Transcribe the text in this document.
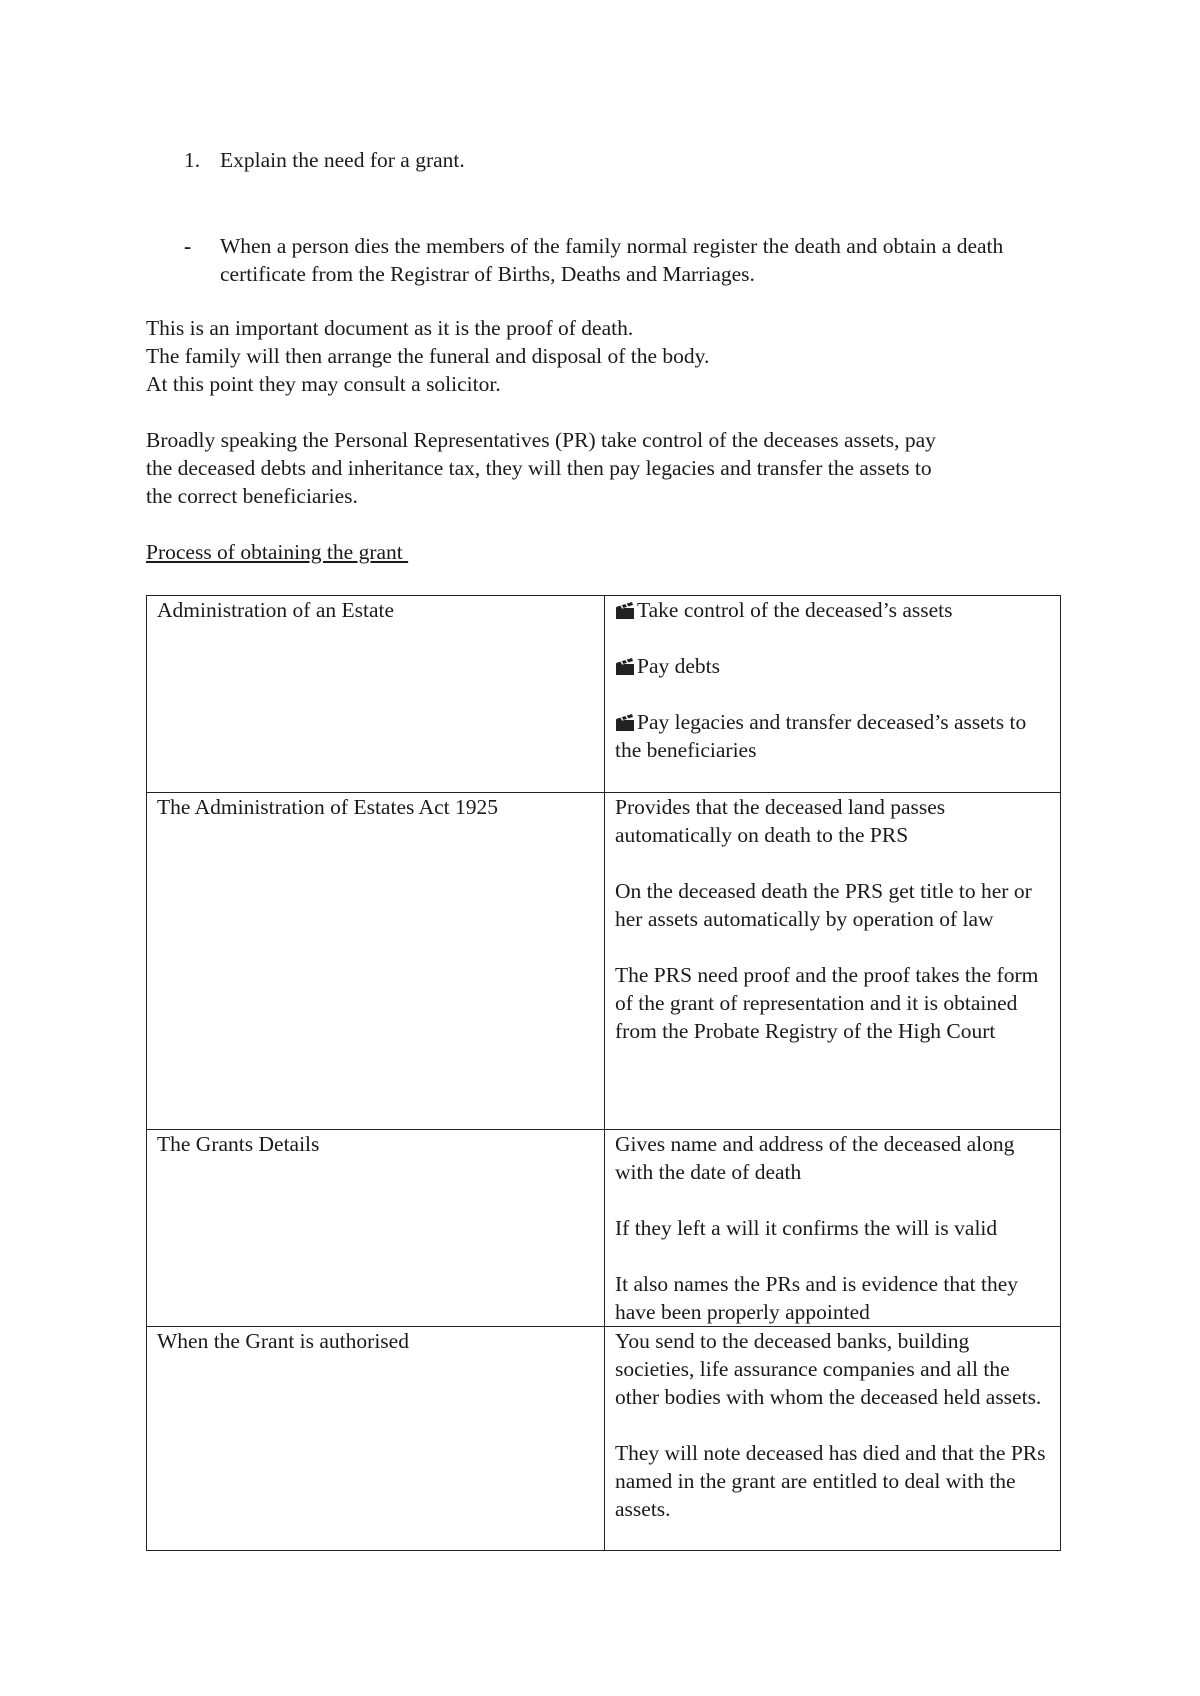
1. Explain the need for a grant.
- When a person dies the members of the family normal register the death and obtain a death certificate from the Registrar of Births, Deaths and Marriages.
This is an important document as it is the proof of death.
The family will then arrange the funeral and disposal of the body.
At this point they may consult a solicitor.
Broadly speaking the Personal Representatives (PR) take control of the deceases assets, pay
the deceased debts and inheritance tax, they will then pay legacies and transfer the assets to
the correct beneficiaries.
Process of obtaining the grant
Administration of an Estate	Take control of the deceased’s assets

Pay debts

Pay legacies and transfer deceased’s assets to the beneficiaries

The Administration of Estates Act 1925	Provides that the deceased land passes automatically on death to the PRS

On the deceased death the PRS get title to her or her assets automatically by operation of law

The PRS need proof and the proof takes the form of the grant of representation and it is obtained from the Probate Registry of the High Court

The Grants Details	Gives name and address of the deceased along with the date of death

If they left a will it confirms the will is valid

It also names the PRs and is evidence that they have been properly appointed

When the Grant is authorised	You send to the deceased banks, building societies, life assurance companies and all the other bodies with whom the deceased held assets.

They will note deceased has died and that the PRs named in the grant are entitled to deal with the assets.
